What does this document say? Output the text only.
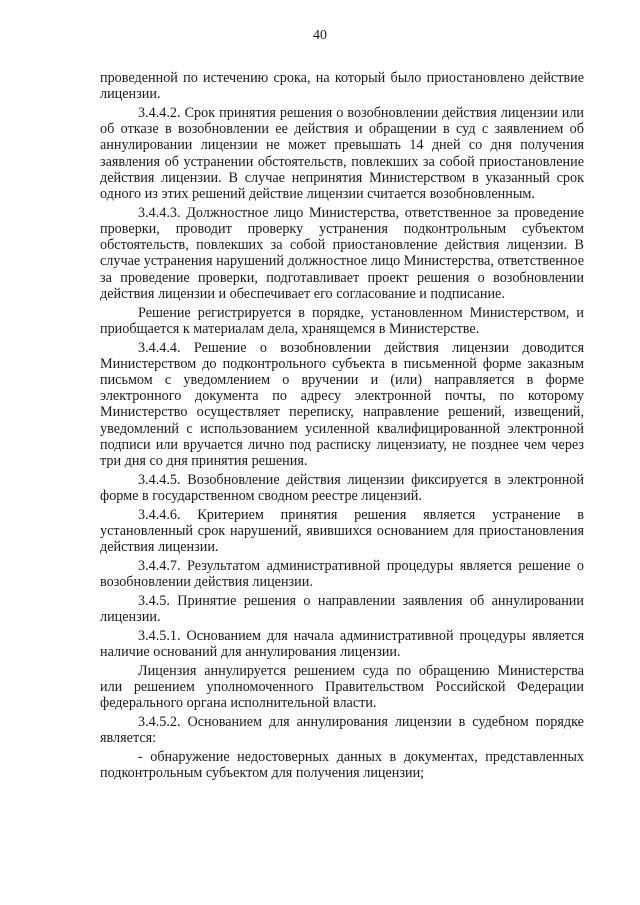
40

проведенной по истечению срока, на который было приостановлено действие лицензии.

3.4.4.2. Срок принятия решения о возобновлении действия лицензии или об отказе в возобновлении ее действия и обращении в суд с заявлением об аннулировании лицензии не может превышать 14 дней со дня получения заявления об устранении обстоятельств, повлекших за собой приостановление действия лицензии. В случае непринятия Министерством в указанный срок одного из этих решений действие лицензии считается возобновленным.

3.4.4.3. Должностное лицо Министерства, ответственное за проведение проверки, проводит проверку устранения подконтрольным субъектом обстоятельств, повлекших за собой приостановление действия лицензии. В случае устранения нарушений должностное лицо Министерства, ответственное за проведение проверки, подготавливает проект решения о возобновлении действия лицензии и обеспечивает его согласование и подписание.

Решение регистрируется в порядке, установленном Министерством, и приобщается к материалам дела, хранящемся в Министерстве.

3.4.4.4. Решение о возобновлении действия лицензии доводится Министерством до подконтрольного субъекта в письменной форме заказным письмом с уведомлением о вручении и (или) направляется в форме электронного документа по адресу электронной почты, по которому Министерство осуществляет переписку, направление решений, извещений, уведомлений с использованием усиленной квалифицированной электронной подписи или вручается лично под расписку лицензиату, не позднее чем через три дня со дня принятия решения.

3.4.4.5. Возобновление действия лицензии фиксируется в электронной форме в государственном сводном реестре лицензий.

3.4.4.6. Критерием принятия решения является устранение в установленный срок нарушений, явившихся основанием для приостановления действия лицензии.

3.4.4.7. Результатом административной процедуры является решение о возобновлении действия лицензии.

3.4.5. Принятие решения о направлении заявления об аннулировании лицензии.

3.4.5.1. Основанием для начала административной процедуры является наличие оснований для аннулирования лицензии.

Лицензия аннулируется решением суда по обращению Министерства или решением уполномоченного Правительством Российской Федерации федерального органа исполнительной власти.

3.4.5.2. Основанием для аннулирования лицензии в судебном порядке является:

- обнаружение недостоверных данных в документах, представленных подконтрольным субъектом для получения лицензии;
